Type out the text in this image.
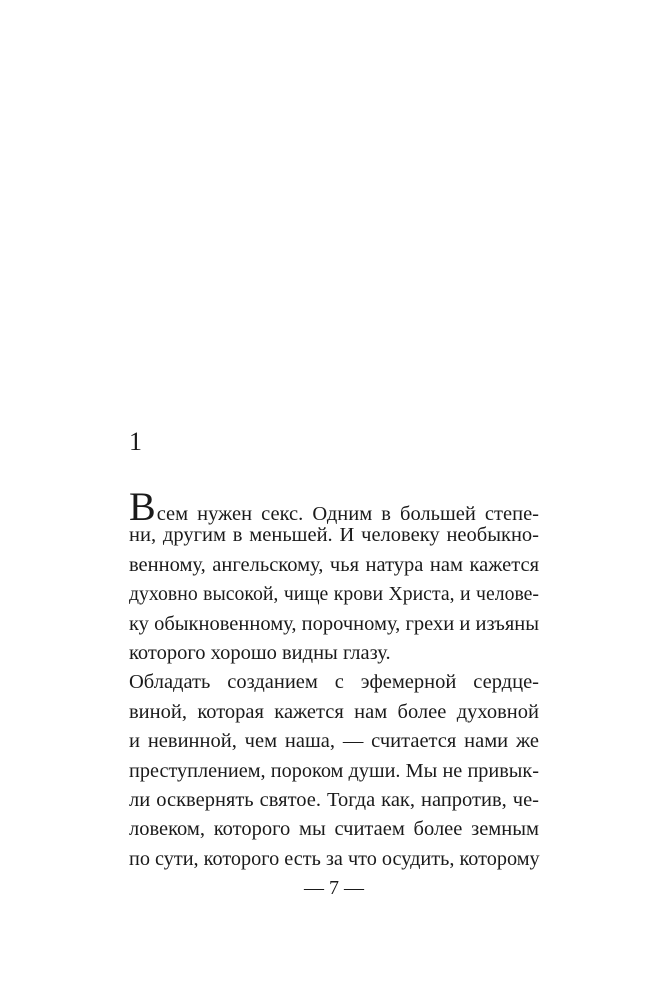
1
Всем нужен секс. Одним в большей степе-
ни, другим в меньшей. И человеку необыкно-
венному, ангельскому, чья натура нам кажется
духовно высокой, чище крови Христа, и челове-
ку обыкновенному, порочному, грехи и изъяны
которого хорошо видны глазу.
Обладать созданием с эфемерной сердце-
виной, которая кажется нам более духовной
и невинной, чем наша, — считается нами же
преступлением, пороком души. Мы не привык-
ли осквернять святое. Тогда как, напротив, че-
ловеком, которого мы считаем более земным
по сути, которого есть за что осудить, которому
— 7 —
